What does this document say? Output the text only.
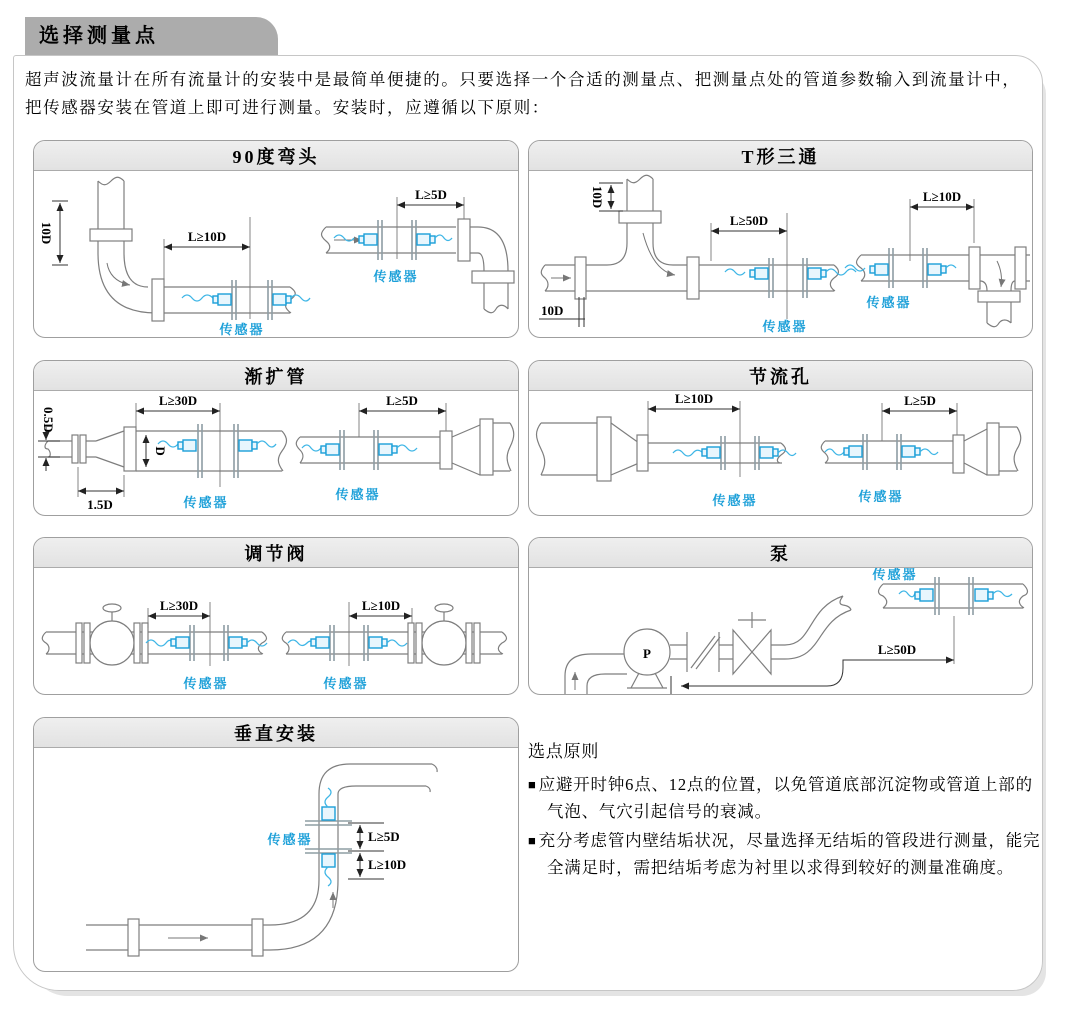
选择测量点
超声波流量计在所有流量计的安装中是最简单便捷的。只要选择一个合适的测量点、把测量点处的管道参数输入到流量计中，
把传感器安装在管道上即可进行测量。安装时，应遵循以下原则：
90度弯头
10D	L≥10D
传感器
L≥5D
传感器
T形三通
10D
10D
L≥50D
传感器
L≥10D
传感器
渐扩管
0.5D
1.5D
D
L≥30D
传感器
L≥5D
传感器
节流孔
L≥10D
传感器
L≥5D
传感器
调节阀
L≥30D
传感器
L≥10D
传感器
泵
P
传感器
L≥50D
垂直安装
L≥5D
L≥10D
传感器
选点原则
■ 应避开时钟6点、12点的位置，以免管道底部沉淀物或管道上部的气泡、气穴引起信号的衰减。
■ 充分考虑管内壁结垢状况，尽量选择无结垢的管段进行测量，能完全满足时，需把结垢考虑为衬里以求得到较好的测量准确度。
